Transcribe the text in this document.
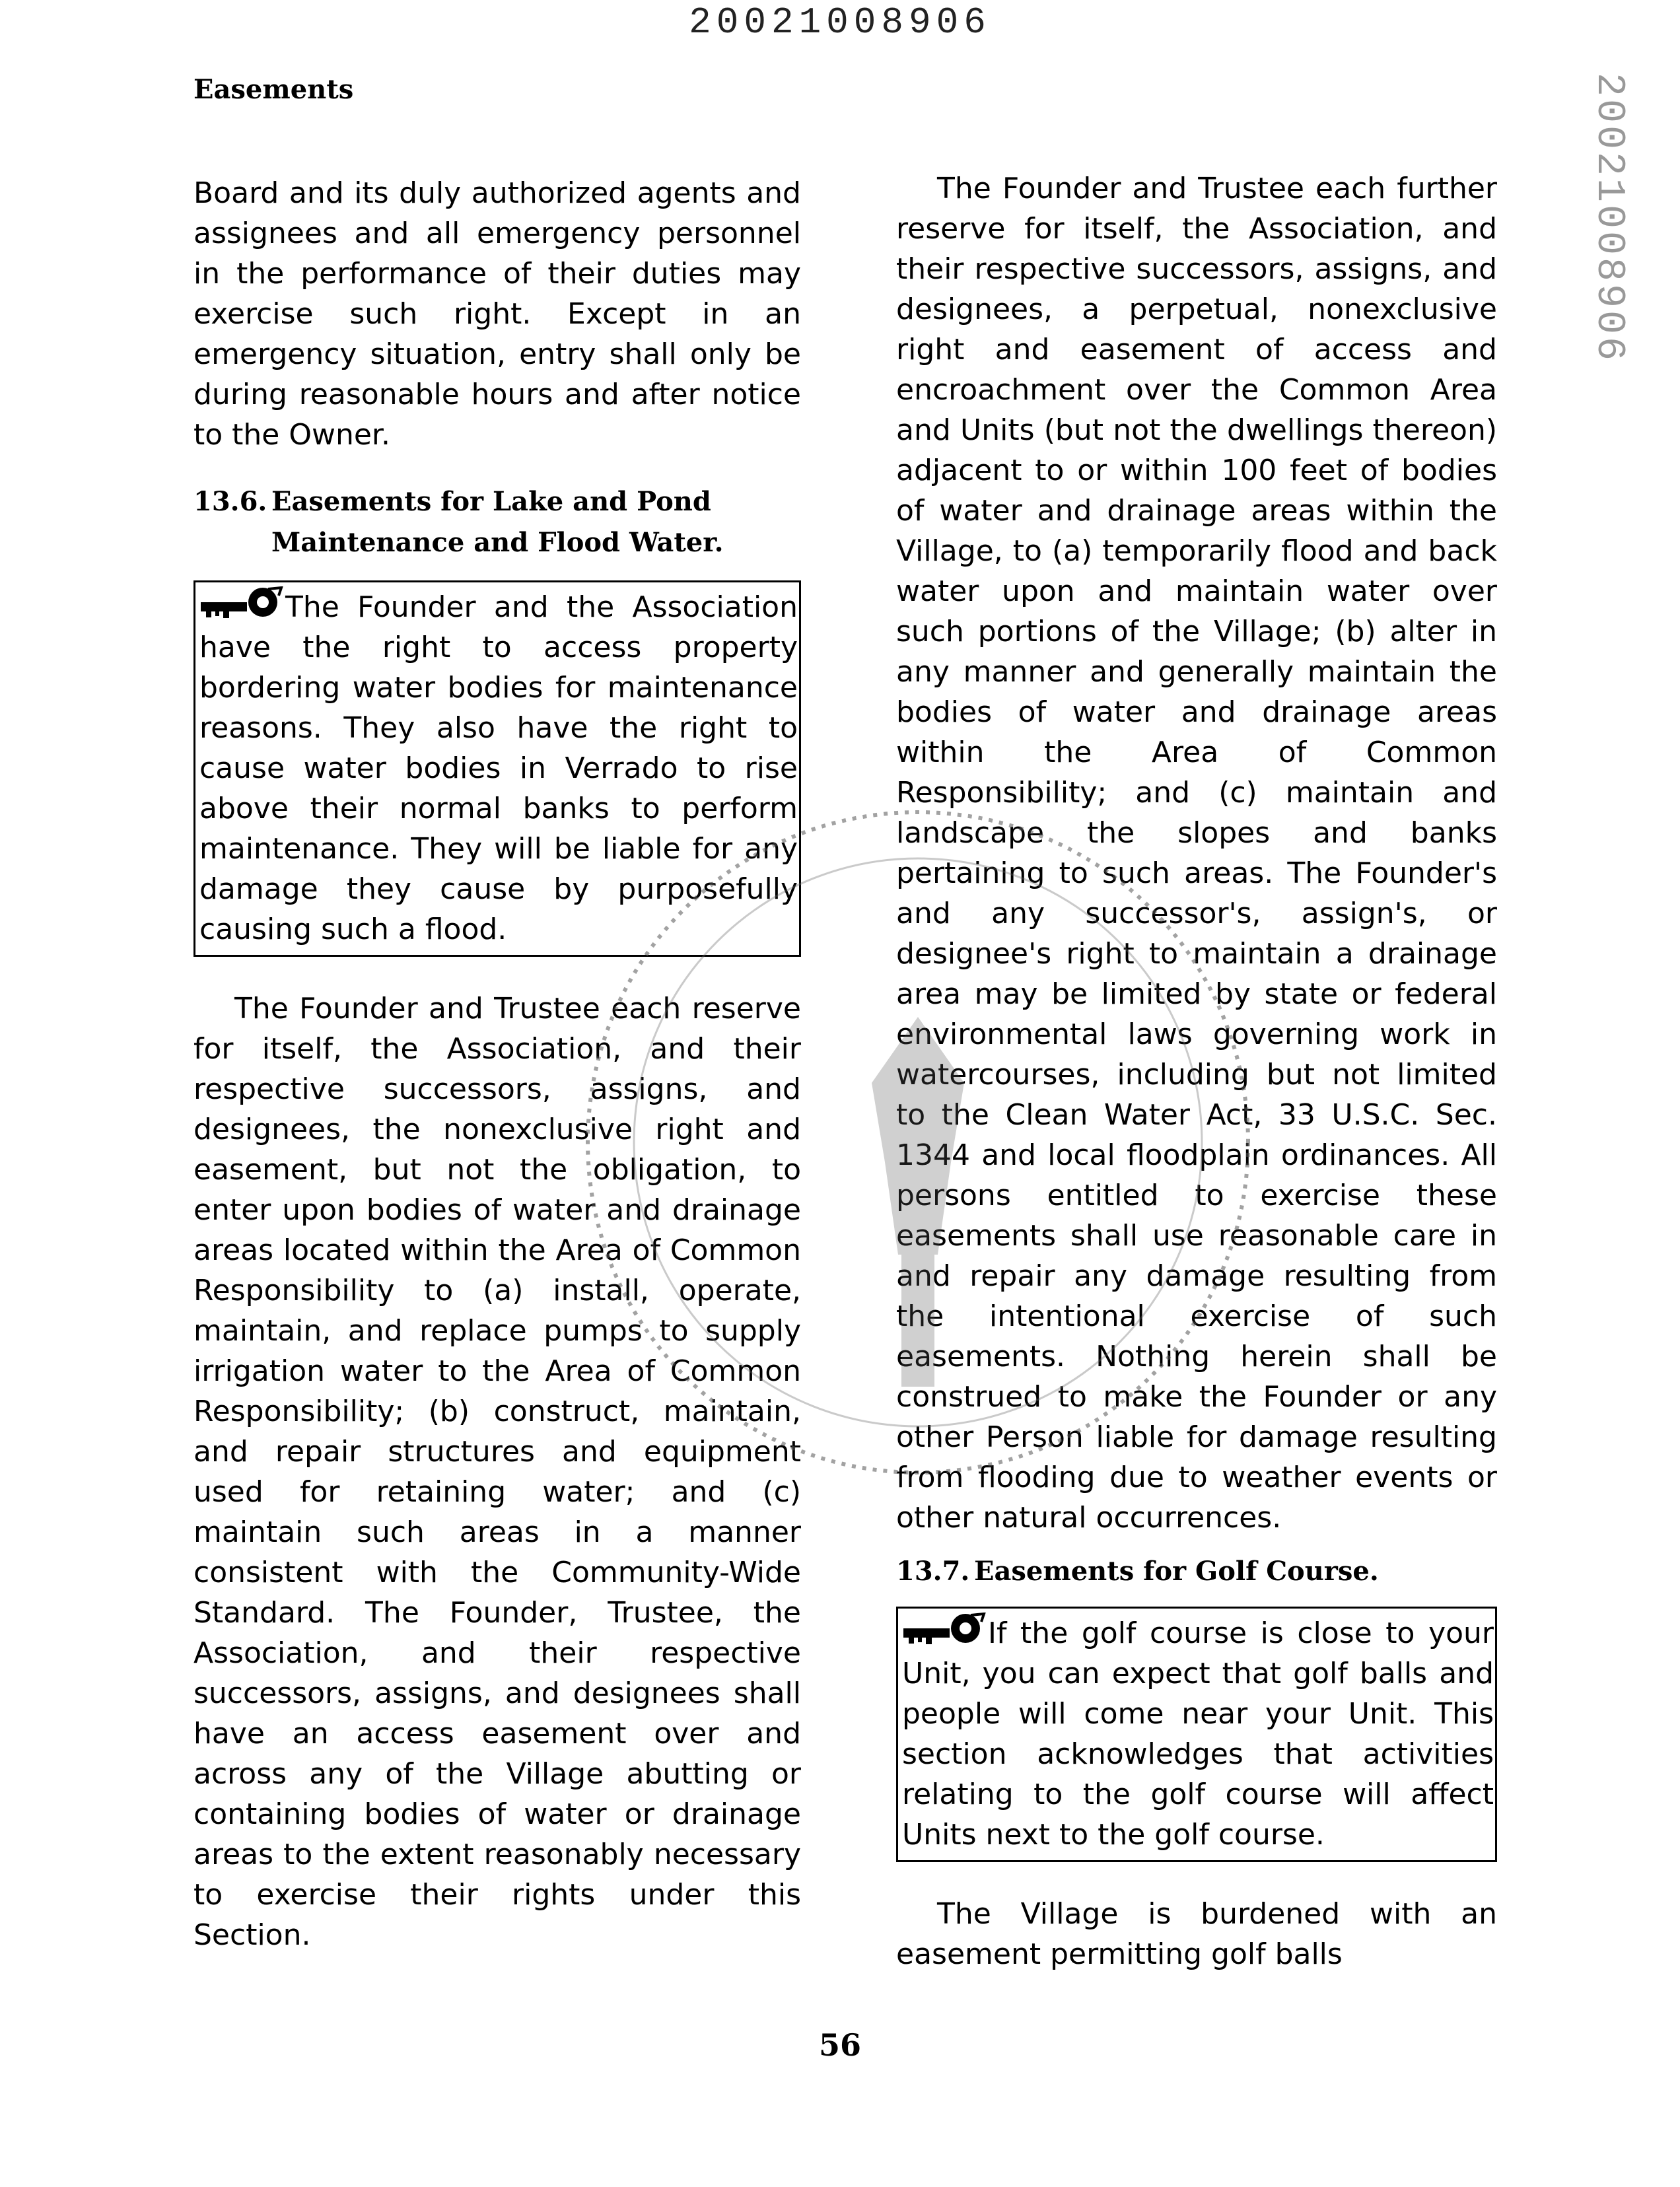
20021008906
Easements	20021008906

Board and its duly authorized agents and assignees and all emergency personnel in the performance of their duties may exercise such right. Except in an emergency situation, entry shall only be during reasonable hours and after notice to the Owner.

13.6. Easements for Lake and Pond
Maintenance and Flood Water.

The Founder and the Association have the right to access property bordering water bodies for maintenance reasons. They also have the right to cause water bodies in Verrado to rise above their normal banks to perform maintenance. They will be liable for any damage they cause by purposefully causing such a flood.

The Founder and Trustee each reserve for itself, the Association, and their respective successors, assigns, and designees, the nonexclusive right and easement, but not the obligation, to enter upon bodies of water and drainage areas located within the Area of Common Responsibility to (a) install, operate, maintain, and replace pumps to supply irrigation water to the Area of Common Responsibility; (b) construct, maintain, and repair structures and equipment used for retaining water; and (c) maintain such areas in a manner consistent with the Community-Wide Standard. The Founder, Trustee, the Association, and their respective successors, assigns, and designees shall have an access easement over and across any of the Village abutting or containing bodies of water or drainage areas to the extent reasonably necessary to exercise their rights under this Section.

The Founder and Trustee each further reserve for itself, the Association, and their respective successors, assigns, and designees, a perpetual, nonexclusive right and easement of access and encroachment over the Common Area and Units (but not the dwellings thereon) adjacent to or within 100 feet of bodies of water and drainage areas within the Village, to (a) temporarily flood and back water upon and maintain water over such portions of the Village; (b) alter in any manner and generally maintain the bodies of water and drainage areas within the Area of Common Responsibility; and (c) maintain and landscape the slopes and banks pertaining to such areas. The Founder's and any successor's, assign's, or designee's right to maintain a drainage area may be limited by state or federal environmental laws governing work in watercourses, including but not limited to the Clean Water Act, 33 U.S.C. Sec. 1344 and local floodplain ordinances. All persons entitled to exercise these easements shall use reasonable care in and repair any damage resulting from the intentional exercise of such easements. Nothing herein shall be construed to make the Founder or any other Person liable for damage resulting from flooding due to weather events or other natural occurrences.

13.7. Easements for Golf Course.

If the golf course is close to your Unit, you can expect that golf balls and people will come near your Unit. This section acknowledges that activities relating to the golf course will affect Units next to the golf course.

The Village is burdened with an easement permitting golf balls

56
